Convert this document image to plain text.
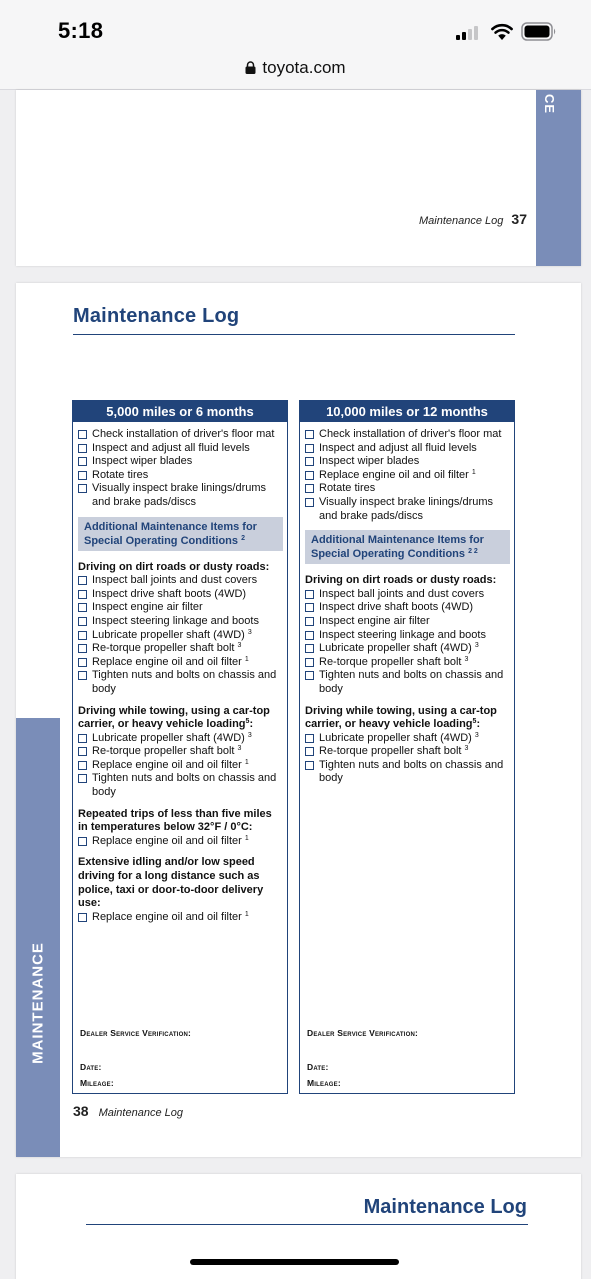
5:18
toyota.com
CE
Maintenance Log 37
Maintenance Log
MAINTENANCE
5,000 miles or 6 months
Check installation of driver's floor mat
Inspect and adjust all fluid levels
Inspect wiper blades
Rotate tires
Visually inspect brake linings/drums and brake pads/discs
Additional Maintenance Items for Special Operating Conditions $^2$
Driving on dirt roads or dusty roads:
Inspect ball joints and dust covers
Inspect drive shaft boots (4WD)
Inspect engine air filter
Inspect steering linkage and boots
Lubricate propeller shaft (4WD) $^3$
Re-torque propeller shaft bolt $^3$
Replace engine oil and oil filter $^1$
Tighten nuts and bolts on chassis and body
Driving while towing, using a car-top carrier, or heavy vehicle loading$^5$:
Lubricate propeller shaft (4WD) $^3$
Re-torque propeller shaft bolt $^3$
Replace engine oil and oil filter $^1$
Tighten nuts and bolts on chassis and body
Repeated trips of less than five miles in temperatures below 32°F / 0°C:
Replace engine oil and oil filter $^1$
Extensive idling and/or low speed driving for a long distance such as police, taxi or door-to-door delivery use:
Replace engine oil and oil filter $^1$
Dealer Service Verification:
Date:
Mileage:
10,000 miles or 12 months
Check installation of driver's floor mat
Inspect and adjust all fluid levels
Inspect wiper blades
Replace engine oil and oil filter $^1$
Rotate tires
Visually inspect brake linings/drums and brake pads/discs
Additional Maintenance Items for Special Operating Conditions $^{2 2}$
Driving on dirt roads or dusty roads:
Inspect ball joints and dust covers
Inspect drive shaft boots (4WD)
Inspect engine air filter
Inspect steering linkage and boots
Lubricate propeller shaft (4WD) $^3$
Re-torque propeller shaft bolt $^3$
Tighten nuts and bolts on chassis and body
Driving while towing, using a car-top carrier, or heavy vehicle loading$^5$:
Lubricate propeller shaft (4WD) $^3$
Re-torque propeller shaft bolt $^3$
Tighten nuts and bolts on chassis and body
Dealer Service Verification:
Date:
Mileage:
38 Maintenance Log
Maintenance Log
